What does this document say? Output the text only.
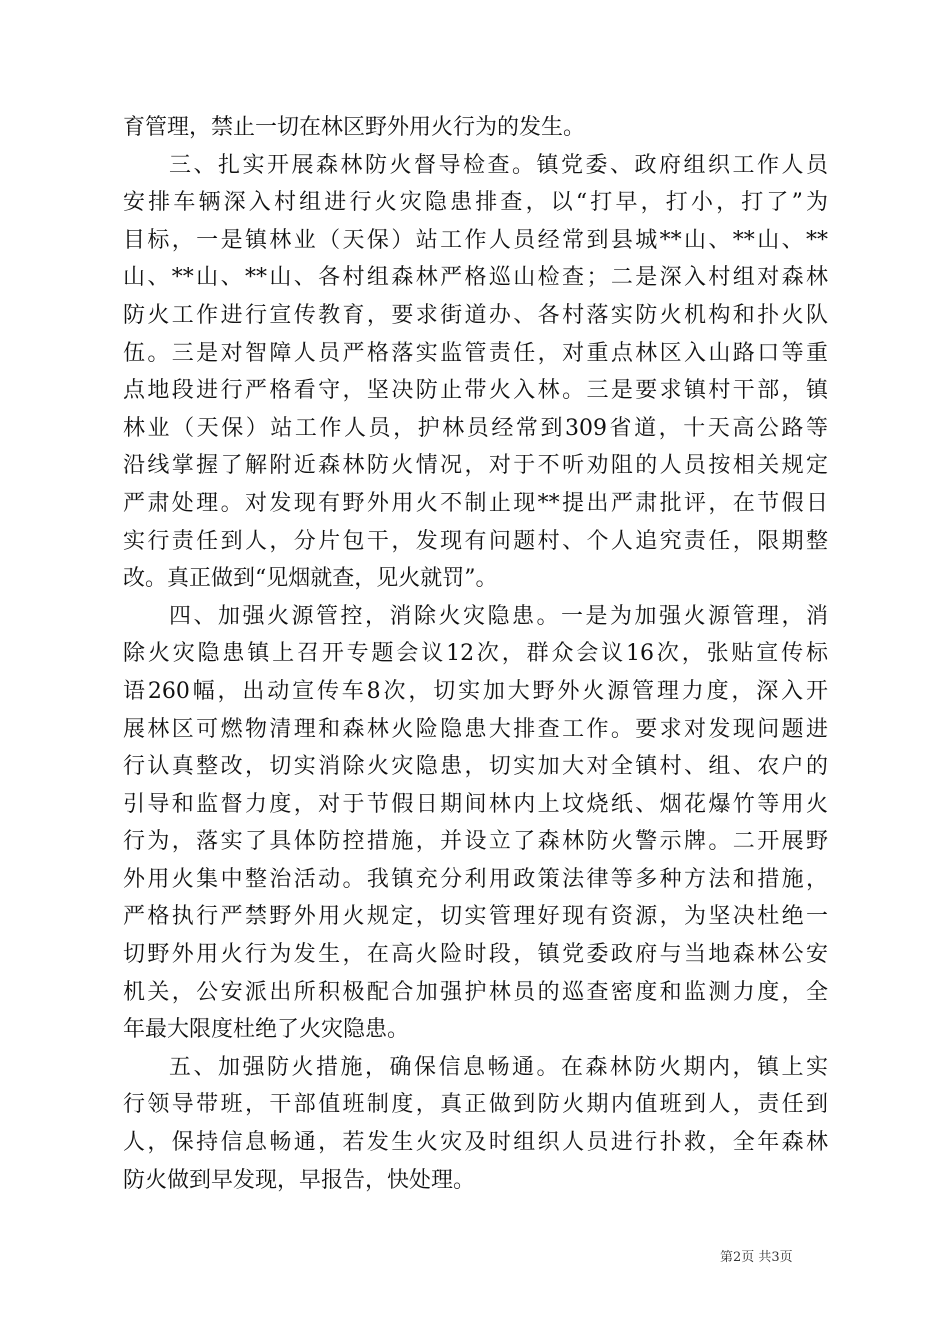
育管理，禁止一切在林区野外用火行为的发生。
三、扎实开展森林防火督导检查。镇党委、政府组织工作人员
安排车辆深入村组进行火灾隐患排查，以“打早，打小，打了”为
目标，一是镇林业（天保）站工作人员经常到县城**山、**山、**
山、**山、**山、各村组森林严格巡山检查；二是深入村组对森林
防火工作进行宣传教育，要求街道办、各村落实防火机构和扑火队
伍。三是对智障人员严格落实监管责任，对重点林区入山路口等重
点地段进行严格看守，坚决防止带火入林。三是要求镇村干部，镇
林业（天保）站工作人员，护林员经常到309省道，十天高公路等
沿线掌握了解附近森林防火情况，对于不听劝阻的人员按相关规定
严肃处理。对发现有野外用火不制止现**提出严肃批评，在节假日
实行责任到人，分片包干，发现有问题村、个人追究责任，限期整
改。真正做到“见烟就查，见火就罚”。
四、加强火源管控，消除火灾隐患。一是为加强火源管理，消
除火灾隐患镇上召开专题会议12次，群众会议16次，张贴宣传标
语260幅，出动宣传车8次，切实加大野外火源管理力度，深入开
展林区可燃物清理和森林火险隐患大排查工作。要求对发现问题进
行认真整改，切实消除火灾隐患，切实加大对全镇村、组、农户的
引导和监督力度，对于节假日期间林内上坟烧纸、烟花爆竹等用火
行为，落实了具体防控措施，并设立了森林防火警示牌。二开展野
外用火集中整治活动。我镇充分利用政策法律等多种方法和措施，
严格执行严禁野外用火规定，切实管理好现有资源，为坚决杜绝一
切野外用火行为发生，在高火险时段，镇党委政府与当地森林公安
机关，公安派出所积极配合加强护林员的巡查密度和监测力度，全
年最大限度杜绝了火灾隐患。
五、加强防火措施，确保信息畅通。在森林防火期内，镇上实
行领导带班，干部值班制度，真正做到防火期内值班到人，责任到
人，保持信息畅通，若发生火灾及时组织人员进行扑救，全年森林
防火做到早发现，早报告，快处理。
第2页 共3页
